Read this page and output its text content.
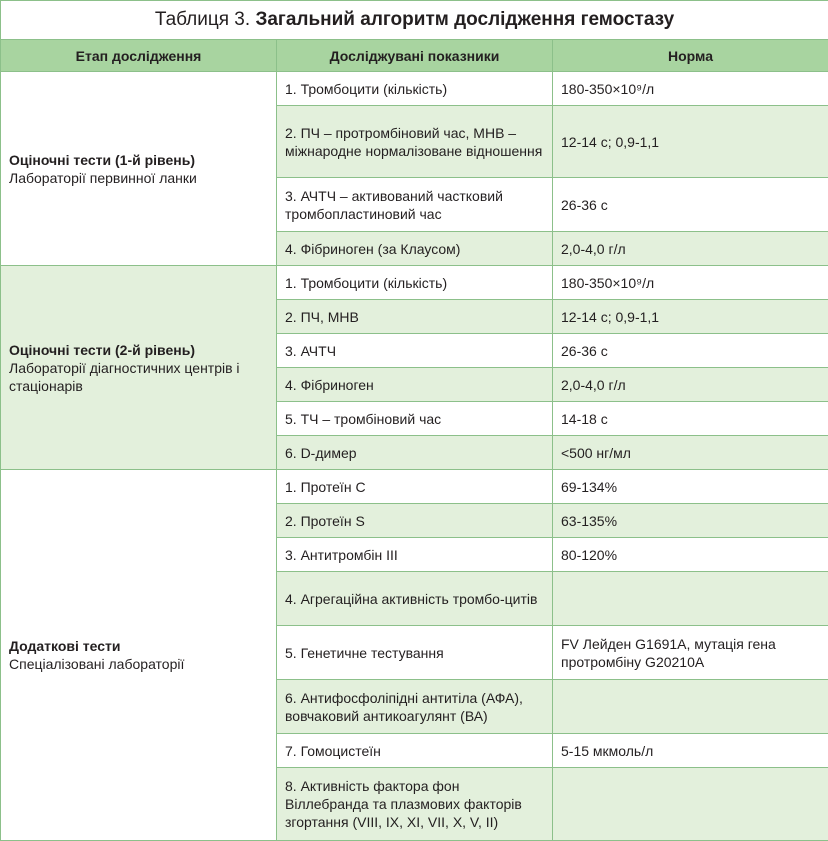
Таблиця 3. Загальний алгоритм дослідження гемостазу		
Етап дослідження	Досліджувані показники	Норма

Оціночні тести (1-й рівень)
Лабораторії первинної ланки	1. Тромбоцити (кількість)	180-350×10⁹/л
	2. ПЧ – протромбіновий час, МНВ – міжнародне нормалізоване відношення	12-14 с; 0,9-1,1
	3. АЧТЧ – активований частковий тромбопластиновий час	26-36 с
	4. Фібриноген (за Клаусом)	2,0-4,0 г/л

Оціночні тести (2-й рівень)
Лабораторії діагностичних центрів і стаціонарів	1. Тромбоцити (кількість)	180-350×10⁹/л
	2. ПЧ, МНВ	12-14 с; 0,9-1,1
	3. АЧТЧ	26-36 с
	4. Фібриноген	2,0-4,0 г/л
	5. ТЧ – тромбіновий час	14-18 с
	6. D-димер	<500 нг/мл

Додаткові тести
Спеціалізовані лабораторії	1. Протеїн С	69-134%
	2. Протеїн S	63-135%
	3. Антитромбін III	80-120%
	4. Агрегаційна активність тромбо-цитів	
	5. Генетичне тестування	FV Лейден G1691A, мутація гена протромбіну G20210A
	6. Антифосфоліпідні антитіла (АФА), вовчаковий антикоагулянт (ВА)	
	7. Гомоцистеїн	5-15 мкмоль/л
	8. Активність фактора фон Віллебранда та плазмових факторів згортання (VIII, IX, XI, VII, X, V, II)	
